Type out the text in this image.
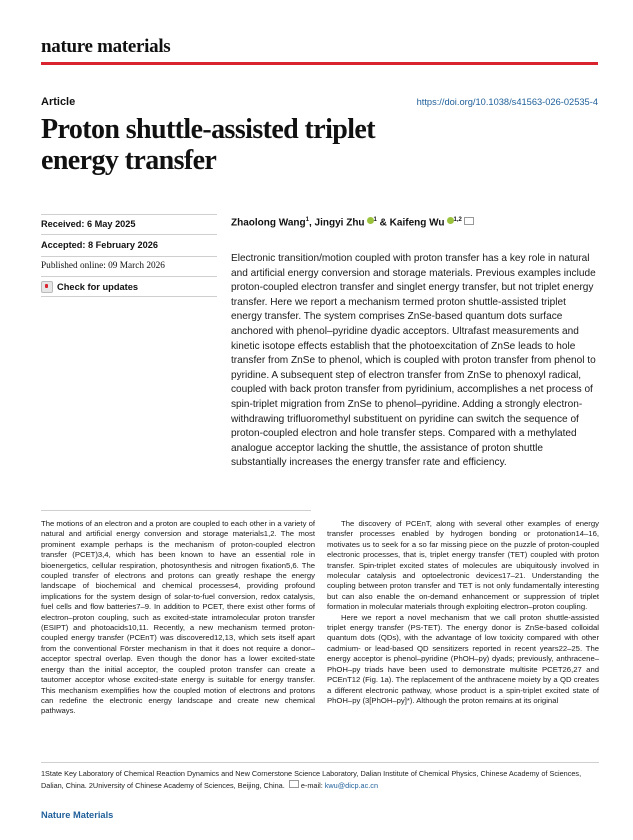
nature materials
Article	https://doi.org/10.1038/s41563-026-02535-4
Proton shuttle-assisted triplet
energy transfer
Received: 6 May 2025
Accepted: 8 February 2026
Published online: 09 March 2026
Check for updates
Zhaolong Wang$^1$, Jingyi Zhu $^1$ & Kaifeng Wu $^{1,2}$
Electronic transition/motion coupled with proton transfer has a key role in natural and artificial energy conversion and storage materials. Previous examples include proton-coupled electron transfer and singlet energy transfer, but not triplet energy transfer. Here we report a mechanism termed proton shuttle-assisted triplet energy transfer. The system comprises ZnSe-based quantum dots surface anchored with phenol–pyridine dyadic acceptors. Ultrafast measurements and kinetic isotope effects establish that the photoexcitation of ZnSe leads to hole transfer from ZnSe to phenol, which is coupled with proton transfer from phenol to pyridine. A subsequent step of electron transfer from ZnSe to phenoxyl radical, coupled with back proton transfer from pyridinium, accomplishes a net process of spin-triplet migration from ZnSe to phenol–pyridine. Adding a strongly electron-withdrawing trifluoromethyl substituent on pyridine can switch the sequence of proton-coupled electron and hole transfer steps. Compared with a methylated analogue acceptor lacking the shuttle, the assistance of proton shuttle substantially increases the energy transfer rate and efficiency.

The motions of an electron and a proton are coupled to each other in a variety of natural and artificial energy conversion and storage materials1,2. The most prominent example perhaps is the mechanism of proton-coupled electron transfer (PCET)3,4, which has been known to have an essential role in bioenergetics, cellular respiration, photosynthesis and nitrogen fixation5,6. The coupled transfer of electrons and protons can greatly reshape the energy landscape of biochemical and chemical processes4, providing profound implications for the system design of solar-to-fuel conversion, redox catalysis, fuel cells and flow batteries7–9. In addition to PCET, there exist other forms of electron–proton coupling, such as excited-state intramolecular proton transfer (ESIPT) and photoacids10,11. Recently, a new mechanism termed proton-coupled energy transfer (PCEnT) was discovered12,13, which sets itself apart from the conventional Förster mechanism in that it does not require a donor–acceptor spectral overlap. Even though the donor has a lower excited-state energy than the initial acceptor, the coupled proton transfer can create a tautomer acceptor whose excited-state energy is suitable for energy transfer. This mechanism exemplifies how the coupled motion of electrons and protons can redefine the electronic energy landscape and create new chemical pathways.

The discovery of PCEnT, along with several other examples of energy transfer processes enabled by hydrogen bonding or protonation14–16, motivates us to seek for a so far missing piece on the puzzle of proton-coupled electronic processes, that is, triplet energy transfer (TET) coupled with proton transfer. Spin-triplet excited states of molecules are ubiquitously involved in molecular catalysis and optoelectronic devices17–21. Understanding the coupling between proton transfer and TET is not only fundamentally interesting but can also enable the on-demand enhancement or suppression of triplet formation in molecular materials through exploiting electron–proton coupling.

Here we report a novel mechanism that we call proton shuttle-assisted triplet energy transfer (PS-TET). The energy donor is ZnSe-based colloidal quantum dots (QDs), with the advantage of low toxicity compared with other cadmium- or lead-based QD sensitizers reported in recent years22–25. The energy acceptor is phenol–pyridine (PhOH–py) dyads; previously, anthracene–PhOH–py triads have been used to demonstrate multisite PCET26,27 and PCEnT12 (Fig. 1a). The replacement of the anthracene moiety by a QD creates a different electronic pathway, whose product is a spin-triplet excited state of PhOH–py (3[PhOH–py]*). Although the proton remains at its original

1State Key Laboratory of Chemical Reaction Dynamics and New Cornerstone Science Laboratory, Dalian Institute of Chemical Physics, Chinese Academy of Sciences, Dalian, China. 2University of Chinese Academy of Sciences, Beijing, China. e-mail: kwu@dicp.ac.cn
Nature Materials
